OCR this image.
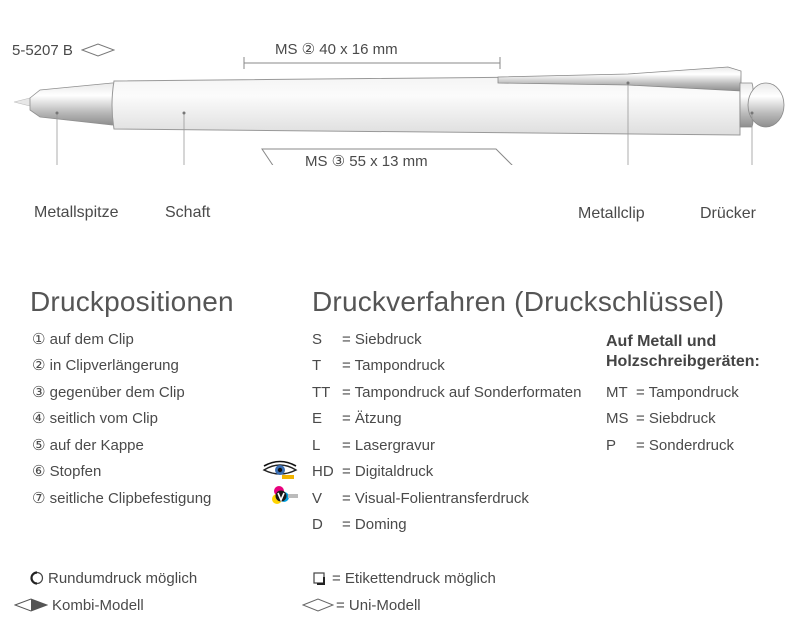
5-5207 B	MS ② 40 x 16 mm
MS ③ 55 x 13 mm
Metallspitze	Schaft	Metallclip	Drücker
Druckpositionen	Druckverfahren (Druckschlüssel)
① auf dem Clip
② in Clipverlängerung
③ gegenüber dem Clip
④ seitlich vom Clip
⑤ auf der Kappe
⑥ Stopfen
⑦ seitliche Clipbefestigung
S = Siebdruck
T = Tampondruck
TT = Tampondruck auf Sonderformaten
E = Ätzung
L = Lasergravur
HD = Digitaldruck
V = Visual-Folientransferdruck
D = Doming
Auf Metall und
Holzschreibgeräten:
MT = Tampondruck
MS = Siebdruck
P = Sonderdruck
Rundumdruck möglich	= Etikettendruck möglich
Kombi-Modell	= Uni-Modell
